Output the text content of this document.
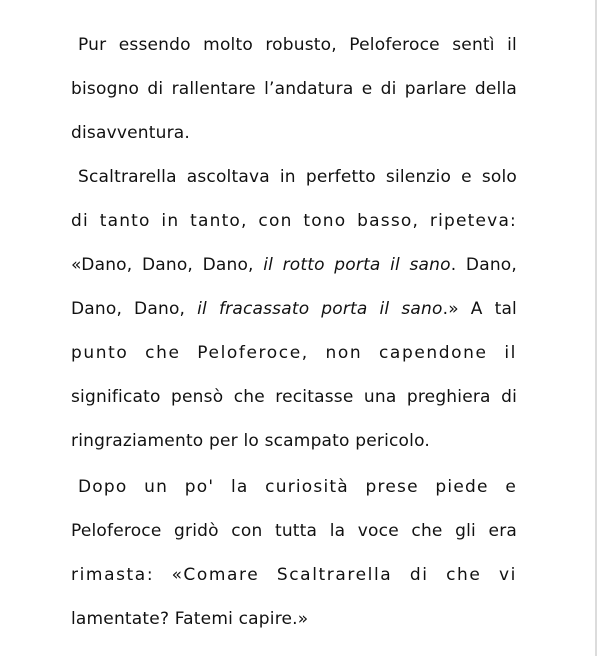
Pur essendo molto robusto, Peloferoce sentì il
bisogno di rallentare l’andatura e di parlare della
disavventura.
Scaltrarella ascoltava in perfetto silenzio e solo
di tanto in tanto, con tono basso, ripeteva:
«Dano, Dano, Dano, il rotto porta il sano. Dano,
Dano, Dano, il fracassato porta il sano.» A tal
punto che Peloferoce, non capendone il
significato pensò che recitasse una preghiera di
ringraziamento per lo scampato pericolo.
Dopo un po' la curiosità prese piede e
Peloferoce gridò con tutta la voce che gli era
rimasta: «Comare Scaltrarella di che vi
lamentate? Fatemi capire.»
